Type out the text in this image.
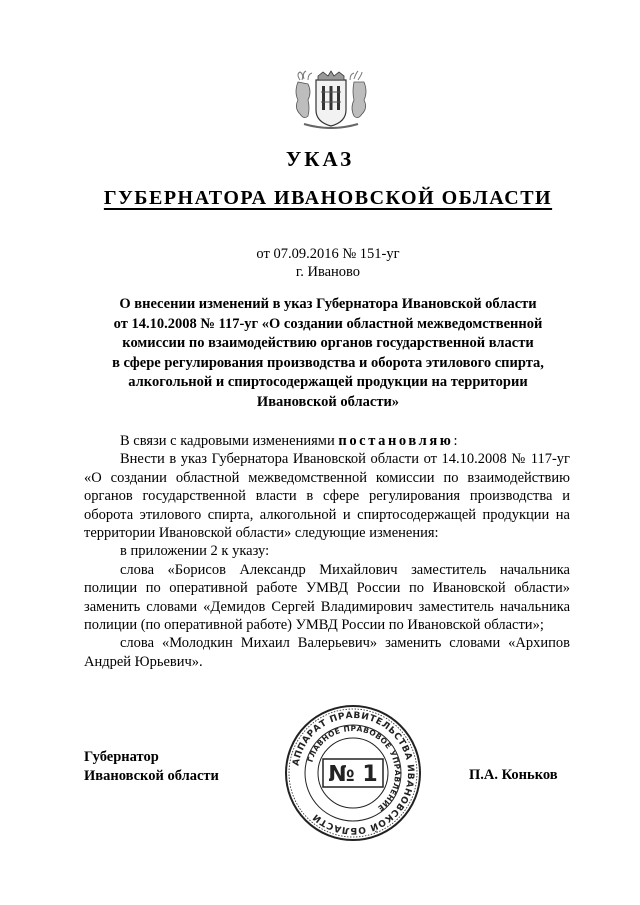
УКАЗ
ГУБЕРНАТОРА ИВАНОВСКОЙ ОБЛАСТИ
от 07.09.2016 № 151-уг
г. Иваново
О внесении изменений в указ Губернатора Ивановской области
от 14.10.2008 № 117-уг «О создании областной межведомственной
комиссии по взаимодействию органов государственной власти
в сфере регулирования производства и оборота этилового спирта,
алкогольной и спиртосодержащей продукции на территории
Ивановской области»

В связи с кадровыми изменениями постановляю:

Внести в указ Губернатора Ивановской области от 14.10.2008 № 117-уг «О создании областной межведомственной комиссии по взаимодействию органов государственной власти в сфере регулирования производства и оборота этилового спирта, алкогольной и спиртосодержащей продукции на территории Ивановской области» следующие изменения:

в приложении 2 к указу:

слова «Борисов Александр Михайлович заместитель начальника полиции по оперативной работе УМВД России по Ивановской области» заменить словами «Демидов Сергей Владимирович заместитель начальника полиции (по оперативной работе) УМВД России по Ивановской области»;

слова «Молодкин Михаил Валерьевич» заменить словами «Архипов Андрей Юрьевич».

Губернатор
Ивановской области	П.А. Коньков
АППАРАТ ПРАВИТЕЛЬСТВА ИВАНОВСКОЙ ОБЛАСТИ
ГЛАВНОЕ ПРАВОВОЕ УПРАВЛЕНИЕ
№ 1
